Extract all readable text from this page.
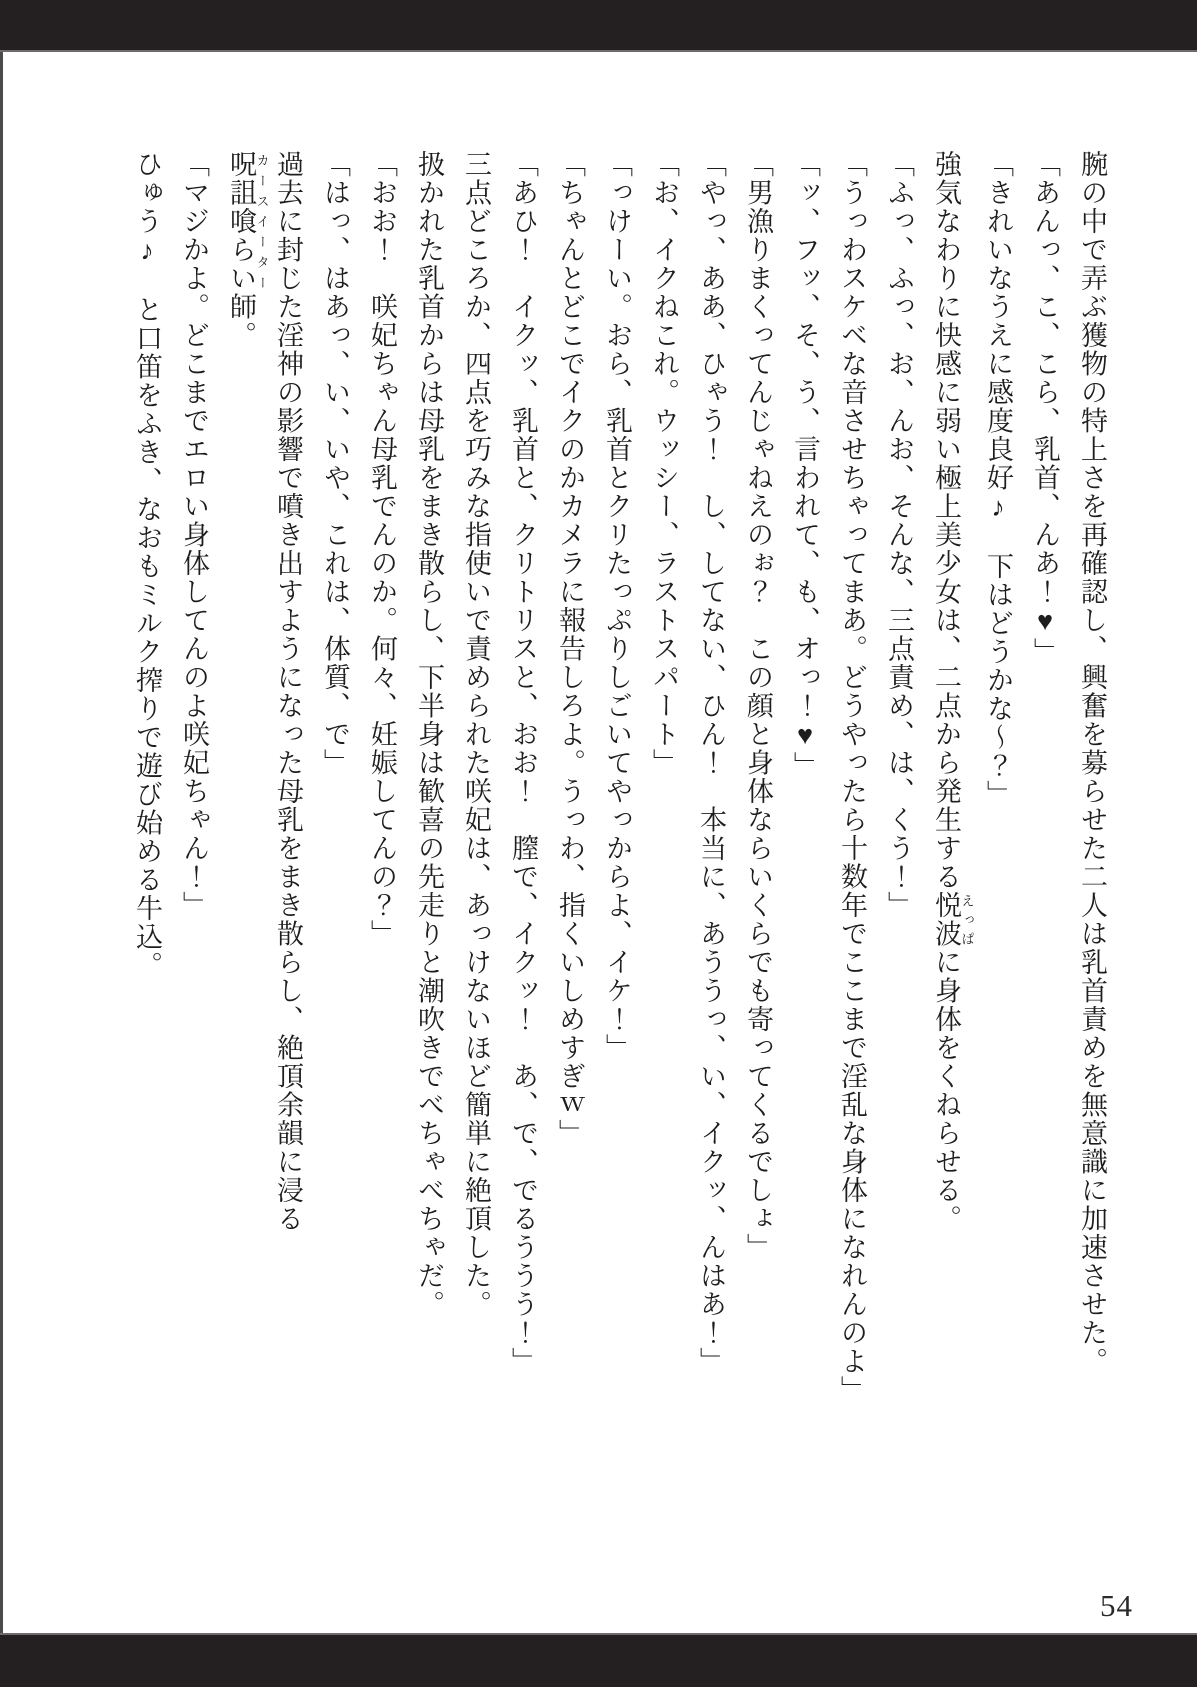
腕の中で弄ぶ獲物の特上さを再確認し、興奮を募らせた二人は乳首責めを無意識に加速させた。

「あんっ、こ、こら、乳首、んあ！♥」

「きれいなうえに感度良好♪　下はどうかな～？」

強気なわりに快感に弱い極上美少女は、二点から発生する悦波えっぱに身体をくねらせる。

「ふっ、ふっ、お、んお、そんな、三点責め、は、くう！」

「うっわスケベな音させちゃってまあ。どうやったら十数年でここまで淫乱な身体になれんのよ」

「ッ、フッ、そ、う、言われて、も、オっ！♥」

「男漁りまくってんじゃねえのぉ？　この顔と身体ならいくらでも寄ってくるでしょ」

「やっ、ああ、ひゃう！　し、してない、ひん！　本当に、あううっ、い、イクッ、んはあ！」

「お、イクねこれ。ウッシー、ラストスパート」

「っけーい。おら、乳首とクリたっぷりしごいてやっからよ、イケ！」

「ちゃんとどこでイクのかカメラに報告しろよ。うっわ、指くいしめすぎｗ」

「あひ！　イクッ、乳首と、クリトリスと、おお！　膣で、イクッ！　あ、で、でるううう！」

三点どころか、四点を巧みな指使いで責められた咲妃は、あっけないほど簡単に絶頂した。

扱かれた乳首からは母乳をまき散らし、下半身は歓喜の先走りと潮吹きでべちゃべちゃだ。

「おお！　咲妃ちゃん母乳でんのか。何々、妊娠してんの？」

「はっ、はあっ、い、いや、これは、体質、で」

過去に封じた淫神の影響で噴き出すようになった母乳をまき散らし、絶頂余韻に浸る
呪詛喰らいカースイーター師。

「マジかよ。どこまでエロい身体してんのよ咲妃ちゃん！」

ひゅう♪　と口笛をふき、なおもミルク搾りで遊び始める牛込。

54
